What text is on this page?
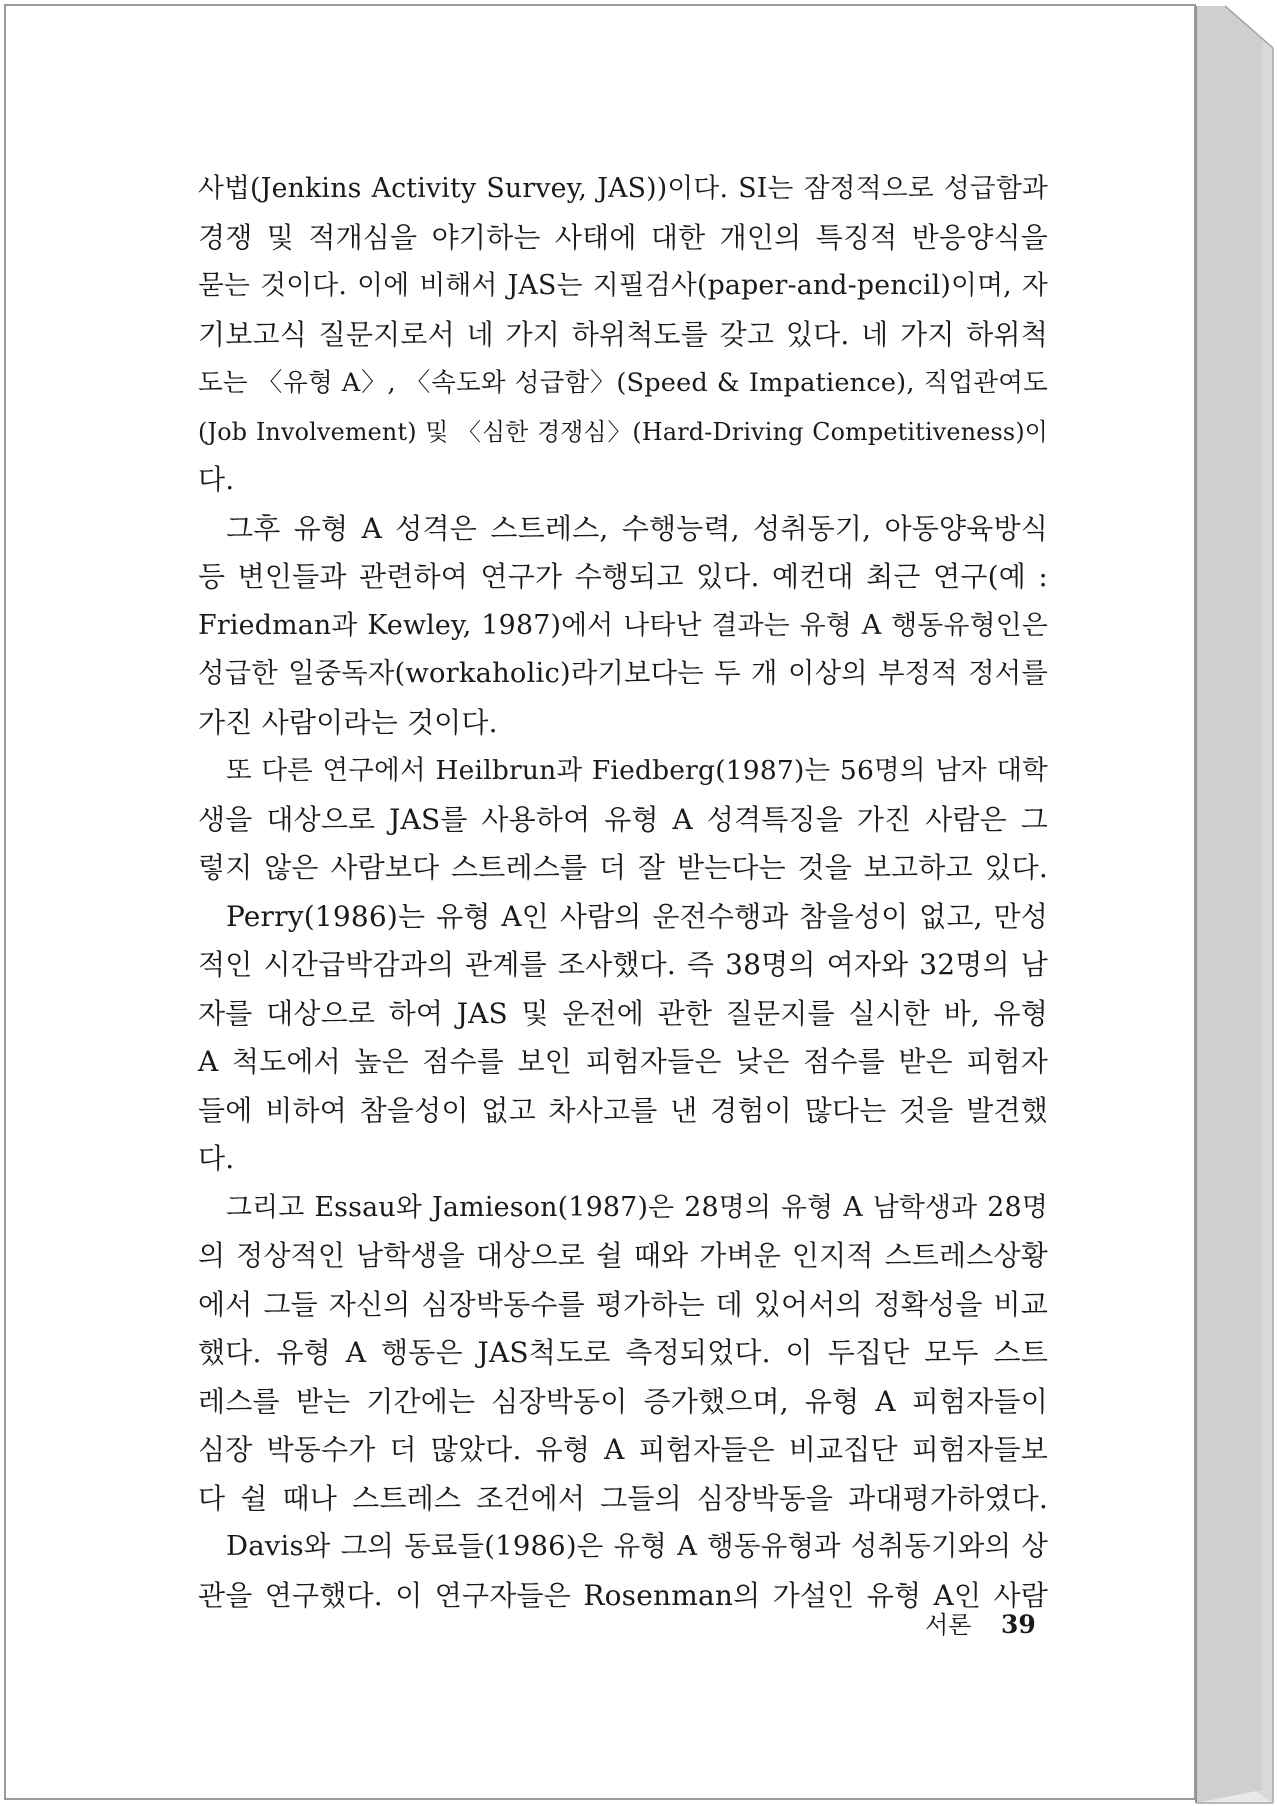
사법(Jenkins Activity Survey, JAS))이다. SI는 잠정적으로 성급함과
경쟁 및 적개심을 야기하는 사태에 대한 개인의 특징적 반응양식을
묻는 것이다. 이에 비해서 JAS는 지필검사(paper-and-pencil)이며, 자
기보고식 질문지로서 네 가지 하위척도를 갖고 있다. 네 가지 하위척
도는 〈유형 A〉, 〈속도와 성급함〉(Speed & Impatience), 직업관여도
(Job Involvement) 및 〈심한 경쟁심〉(Hard-Driving Competitiveness)이
다.
그후 유형 A 성격은 스트레스, 수행능력, 성취동기, 아동양육방식
등 변인들과 관련하여 연구가 수행되고 있다. 예컨대 최근 연구(예 :
Friedman과 Kewley, 1987)에서 나타난 결과는 유형 A 행동유형인은
성급한 일중독자(workaholic)라기보다는 두 개 이상의 부정적 정서를
가진 사람이라는 것이다.
또 다른 연구에서 Heilbrun과 Fiedberg(1987)는 56명의 남자 대학
생을 대상으로 JAS를 사용하여 유형 A 성격특징을 가진 사람은 그
렇지 않은 사람보다 스트레스를 더 잘 받는다는 것을 보고하고 있다.
Perry(1986)는 유형 A인 사람의 운전수행과 참을성이 없고, 만성
적인 시간급박감과의 관계를 조사했다. 즉 38명의 여자와 32명의 남
자를 대상으로 하여 JAS 및 운전에 관한 질문지를 실시한 바, 유형
A 척도에서 높은 점수를 보인 피험자들은 낮은 점수를 받은 피험자
들에 비하여 참을성이 없고 차사고를 낸 경험이 많다는 것을 발견했
다.
그리고 Essau와 Jamieson(1987)은 28명의 유형 A 남학생과 28명
의 정상적인 남학생을 대상으로 쉴 때와 가벼운 인지적 스트레스상황
에서 그들 자신의 심장박동수를 평가하는 데 있어서의 정확성을 비교
했다. 유형 A 행동은 JAS척도로 측정되었다. 이 두집단 모두 스트
레스를 받는 기간에는 심장박동이 증가했으며, 유형 A 피험자들이
심장 박동수가 더 많았다. 유형 A 피험자들은 비교집단 피험자들보
다 쉴 때나 스트레스 조건에서 그들의 심장박동을 과대평가하였다.
Davis와 그의 동료들(1986)은 유형 A 행동유형과 성취동기와의 상
관을 연구했다. 이 연구자들은 Rosenman의 가설인 유형 A인 사람
서론 39
